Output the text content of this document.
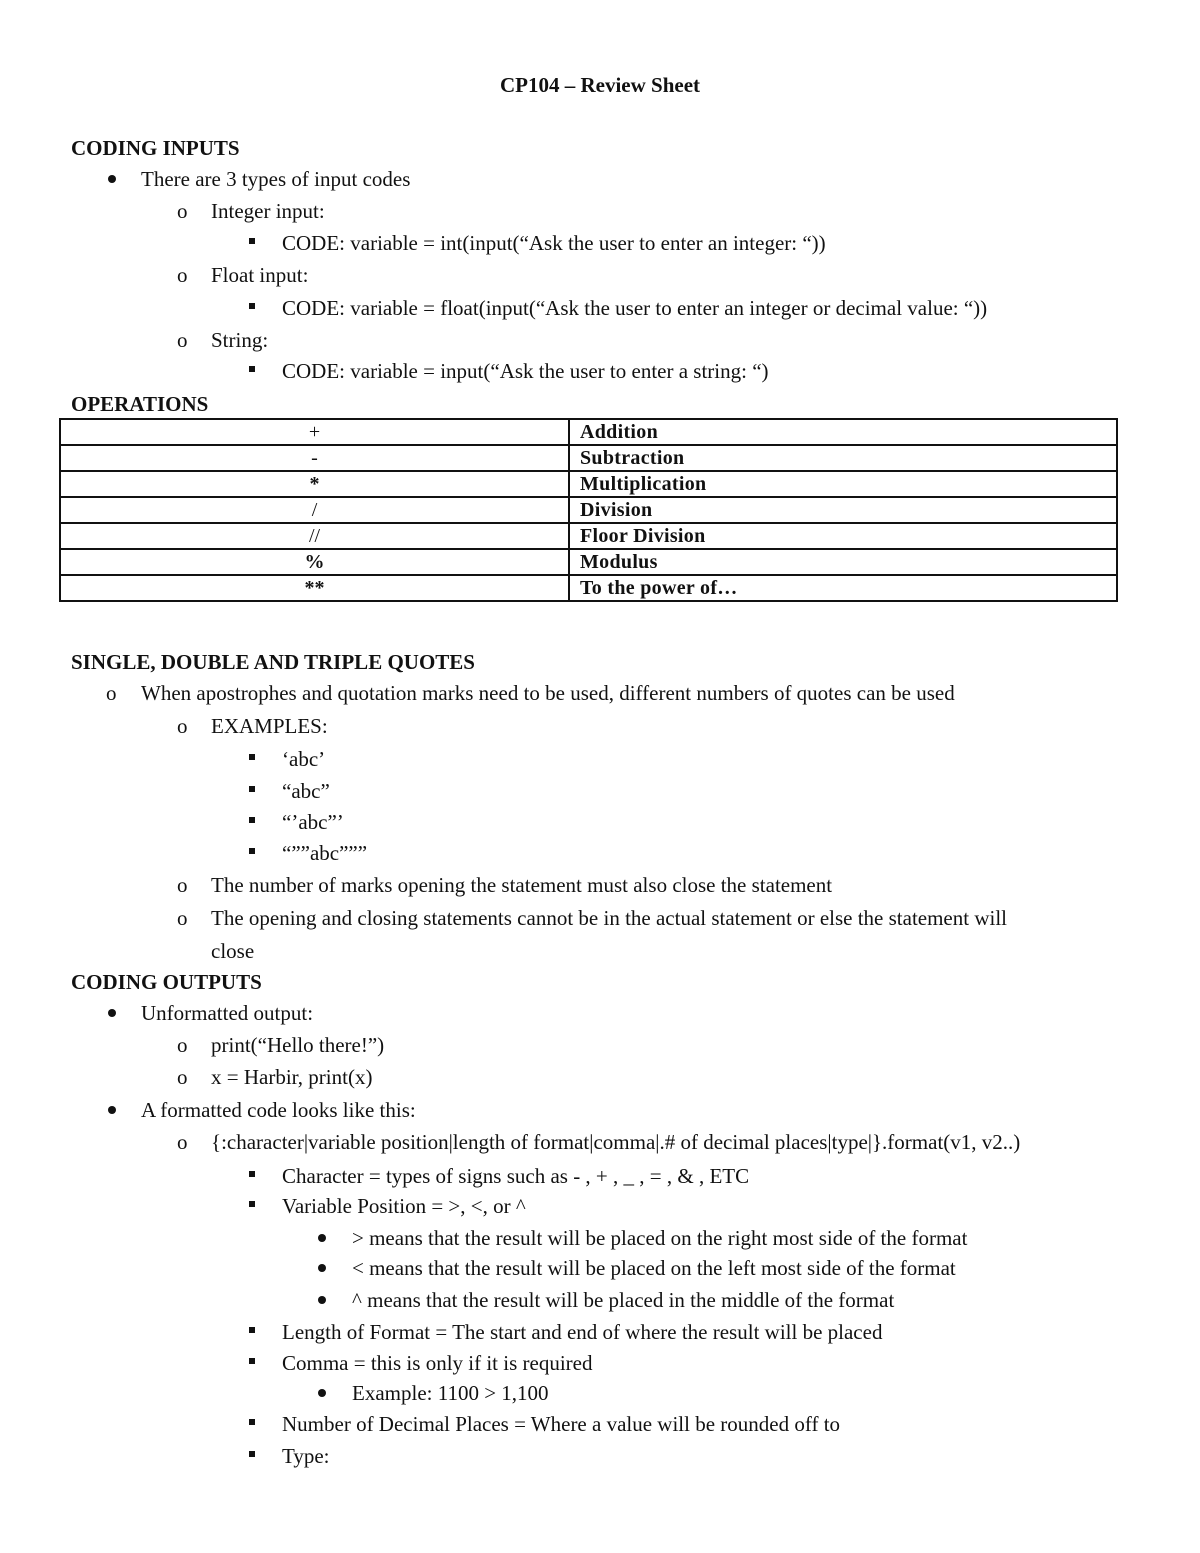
CP104 – Review Sheet
CODING INPUTS
There are 3 types of input codes
o Integer input:
CODE: variable = int(input(“Ask the user to enter an integer: “))
o Float input:
CODE: variable = float(input(“Ask the user to enter an integer or decimal value: “))
o String:
CODE: variable = input(“Ask the user to enter a string: “)
OPERATIONS
+	Addition
-	Subtraction
*	Multiplication
/	Division
//	Floor Division
%	Modulus
**	To the power of…
SINGLE, DOUBLE AND TRIPLE QUOTES
o When apostrophes and quotation marks need to be used, different numbers of quotes can be used
o EXAMPLES:
‘abc’
“abc”
“’abc”’
“””abc”””
o The number of marks opening the statement must also close the statement
o The opening and closing statements cannot be in the actual statement or else the statement will
close
CODING OUTPUTS
Unformatted output:
o print(“Hello there!”)
o x = Harbir, print(x)
A formatted code looks like this:
o {:character|variable position|length of format|comma|.# of decimal places|type|}.format(v1, v2..)
Character = types of signs such as - , + , _ , = , & , ETC
Variable Position = >, <, or ^
> means that the result will be placed on the right most side of the format
< means that the result will be placed on the left most side of the format
^ means that the result will be placed in the middle of the format
Length of Format = The start and end of where the result will be placed
Comma = this is only if it is required
Example: 1100 > 1,100
Number of Decimal Places = Where a value will be rounded off to
Type:
